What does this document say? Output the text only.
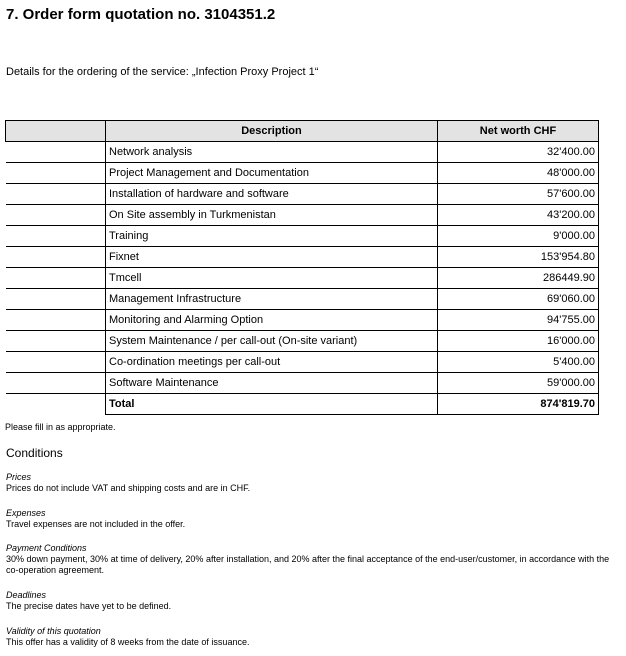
7. Order form quotation no. 3104351.2
Details for the ordering of the service: „Infection Proxy Project 1“
	Description	Net worth CHF
	Network analysis	32'400.00
	Project Management and Documentation	48'000.00
	Installation of hardware and software	57'600.00
	On Site assembly in Turkmenistan	43'200.00
	Training	9'000.00
	Fixnet	153'954.80
	Tmcell	286449.90
	Management Infrastructure	69'060.00
	Monitoring and Alarming Option	94'755.00
	System Maintenance / per call-out (On-site variant)	16'000.00
	Co-ordination meetings per call-out	5'400.00
	Software Maintenance	59'000.00
	Total	874'819.70
Please fill in as appropriate.
Conditions
Prices
Prices do not include VAT and shipping costs and are in CHF.
Expenses
Travel expenses are not included in the offer.
Payment Conditions
30% down payment, 30% at time of delivery, 20% after installation, and 20% after the final acceptance of the end-user/customer, in accordance with the co-operation agreement.
Deadlines
The precise dates have yet to be defined.
Validity of this quotation
This offer has a validity of 8 weeks from the date of issuance.
